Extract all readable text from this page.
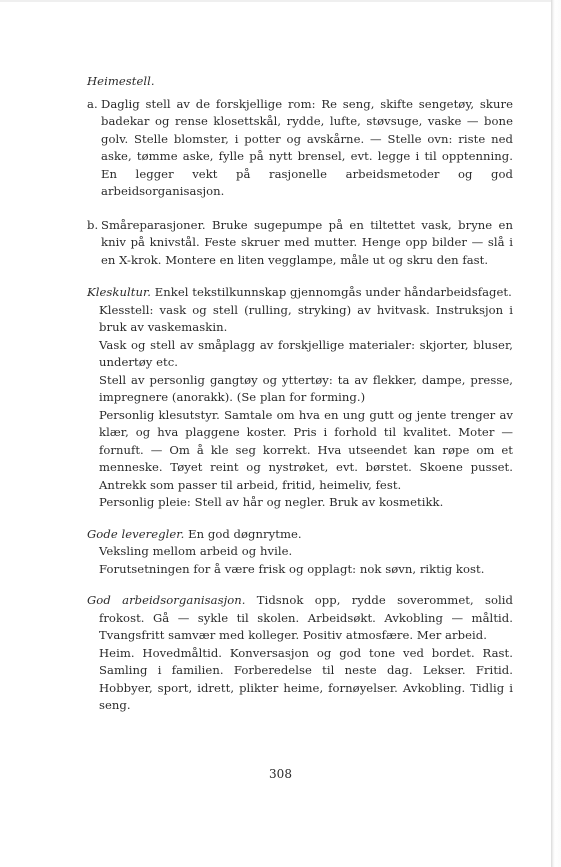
Heimestell.

a. Daglig stell av de forskjellige rom: Re seng, skifte sengetøy, skure badekar og rense klosettskål, rydde, lufte, støvsuge, vaske — bone golv. Stelle blomster, i potter og avskårne. — Stelle ovn: riste ned aske, tømme aske, fylle på nytt brensel, evt. legge i til opptenning. En legger vekt på rasjonelle arbeidsmetoder og god arbeidsorganisasjon.
b. Småreparasjoner. Bruke sugepumpe på en tiltettet vask, bryne en kniv på knivstål. Feste skruer med mutter. Henge opp bilder — slå i en X-krok. Montere en liten vegglampe, måle ut og skru den fast.

Kleskultur. Enkel tekstilkunnskap gjennomgås under håndarbeidsfaget.

Klesstell: vask og stell (rulling, stryking) av hvitvask. Instruksjon i bruk av vaskemaskin.

Vask og stell av småplagg av forskjellige materialer: skjorter, bluser, undertøy etc.

Stell av personlig gangtøy og yttertøy: ta av flekker, dampe, presse, impregnere (anorakk). (Se plan for forming.)

Personlig klesutstyr. Samtale om hva en ung gutt og jente trenger av klær, og hva plaggene koster. Pris i forhold til kvalitet. Moter — fornuft. — Om å kle seg korrekt. Hva utseendet kan røpe om et menneske. Tøyet reint og nystrøket, evt. børstet. Skoene pusset. Antrekk som passer til arbeid, fritid, heimeliv, fest.

Personlig pleie: Stell av hår og negler. Bruk av kosmetikk.

Gode leveregler. En god døgnrytme.

Veksling mellom arbeid og hvile.

Forutsetningen for å være frisk og opplagt: nok søvn, riktig kost.

God arbeidsorganisasjon. Tidsnok opp, rydde soverommet, solid frokost. Gå — sykle til skolen. Arbeidsøkt. Avkobling — måltid. Tvangsfritt samvær med kolleger. Positiv atmosfære. Mer arbeid.

Heim. Hovedmåltid. Konversasjon og god tone ved bordet. Rast. Samling i familien. Forberedelse til neste dag. Lekser. Fritid. Hobbyer, sport, idrett, plikter heime, fornøyelser. Avkobling. Tidlig i seng.

308
